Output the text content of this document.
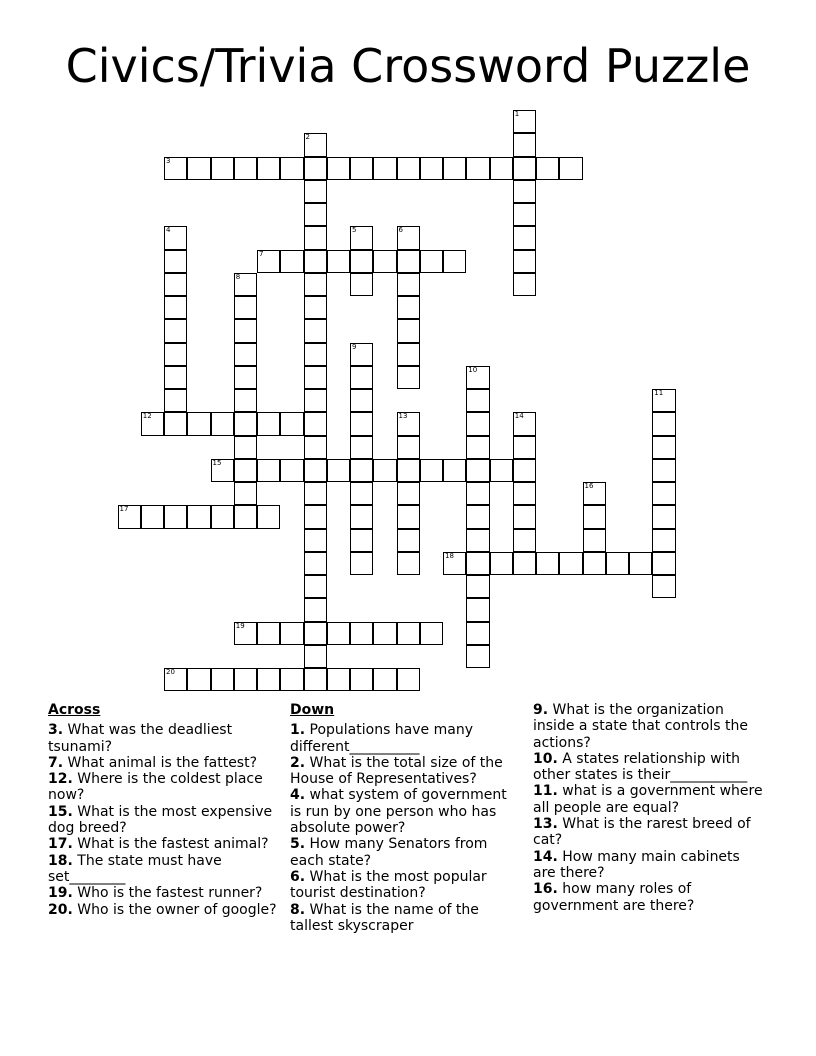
Civics/Trivia Crossword Puzzle
3
7
12
15
17
18
19
20
1
2
4	5	6
8
9
10
11
13	14
16
Across
3. What was the deadliest tsunami?
7. What animal is the fattest?
12. Where is the coldest place now?
15. What is the most expensive dog breed?
17. What is the fastest animal?
18. The state must have set________
19. Who is the fastest runner?
20. Who is the owner of google?
Down
1. Populations have many different__________
2. What is the total size of the House of Representatives?
4. what system of government is run by one person who has absolute power?
5. How many Senators from each state?
6. What is the most popular tourist destination?
8. What is the name of the tallest skyscraper
9. What is the organization inside a state that controls the actions?
10. A states relationship with other states is their___________
11. what is a government where all people are equal?
13. What is the rarest breed of cat?
14. How many main cabinets are there?
16. how many roles of government are there?
